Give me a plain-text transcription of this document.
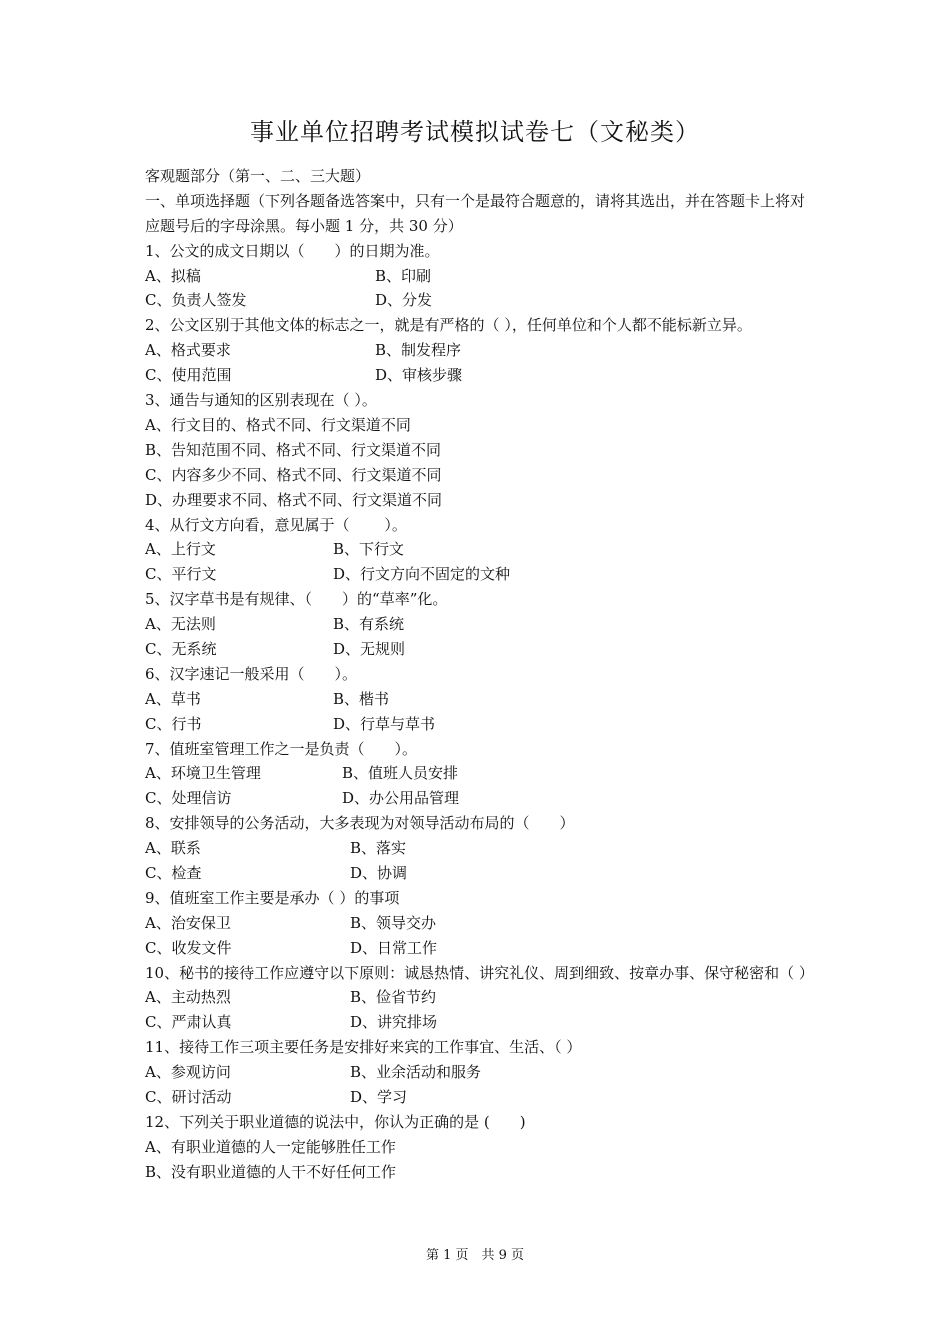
事业单位招聘考试模拟试卷七（文秘类）
客观题部分（第一、二、三大题）
一、单项选择题（下列各题备选答案中，只有一个是最符合题意的，请将其选出，并在答题卡上将对应题号后的字母涂黑。每小题 1 分，共 30 分）
1、公文的成文日期以（　　）的日期为准。
A、拟稿	B、印刷
C、负责人签发	D、分发
2、公文区别于其他文体的标志之一，就是有严格的（ ），任何单位和个人都不能标新立异。
A、格式要求	B、制发程序
C、使用范围	D、审核步骤
3、通告与通知的区别表现在（ ）。
A、行文目的、格式不同、行文渠道不同
B、告知范围不同、格式不同、行文渠道不同
C、内容多少不同、格式不同、行文渠道不同
D、办理要求不同、格式不同、行文渠道不同
4、从行文方向看，意见属于（　　 ）。
A、上行文	B、下行文
C、平行文	D、行文方向不固定的文种
5、汉字草书是有规律、（　　）的“草率”化。
A、无法则	B、有系统
C、无系统	D、无规则
6、汉字速记一般采用（　　）。
A、草书	B、楷书
C、行书	D、行草与草书
7、值班室管理工作之一是负责（　　）。
A、环境卫生管理	B、值班人员安排
C、处理信访	D、办公用品管理
8、安排领导的公务活动，大多表现为对领导活动布局的（　　）
A、联系	B、落实
C、检查	D、协调
9、值班室工作主要是承办（ ）的事项
A、治安保卫	B、领导交办
C、收发文件	D、日常工作
10、秘书的接待工作应遵守以下原则：诚恳热情、讲究礼仪、周到细致、按章办事、保守秘密和（ ）
A、主动热烈	B、俭省节约
C、严肃认真	D、讲究排场
11、接待工作三项主要任务是安排好来宾的工作事宜、生活、（ ）
A、参观访问	B、业余活动和服务
C、研讨活动	D、学习
12、下列关于职业道德的说法中，你认为正确的是 (　　)
A、有职业道德的人一定能够胜任工作
B、没有职业道德的人干不好任何工作
第 1 页　共 9 页
